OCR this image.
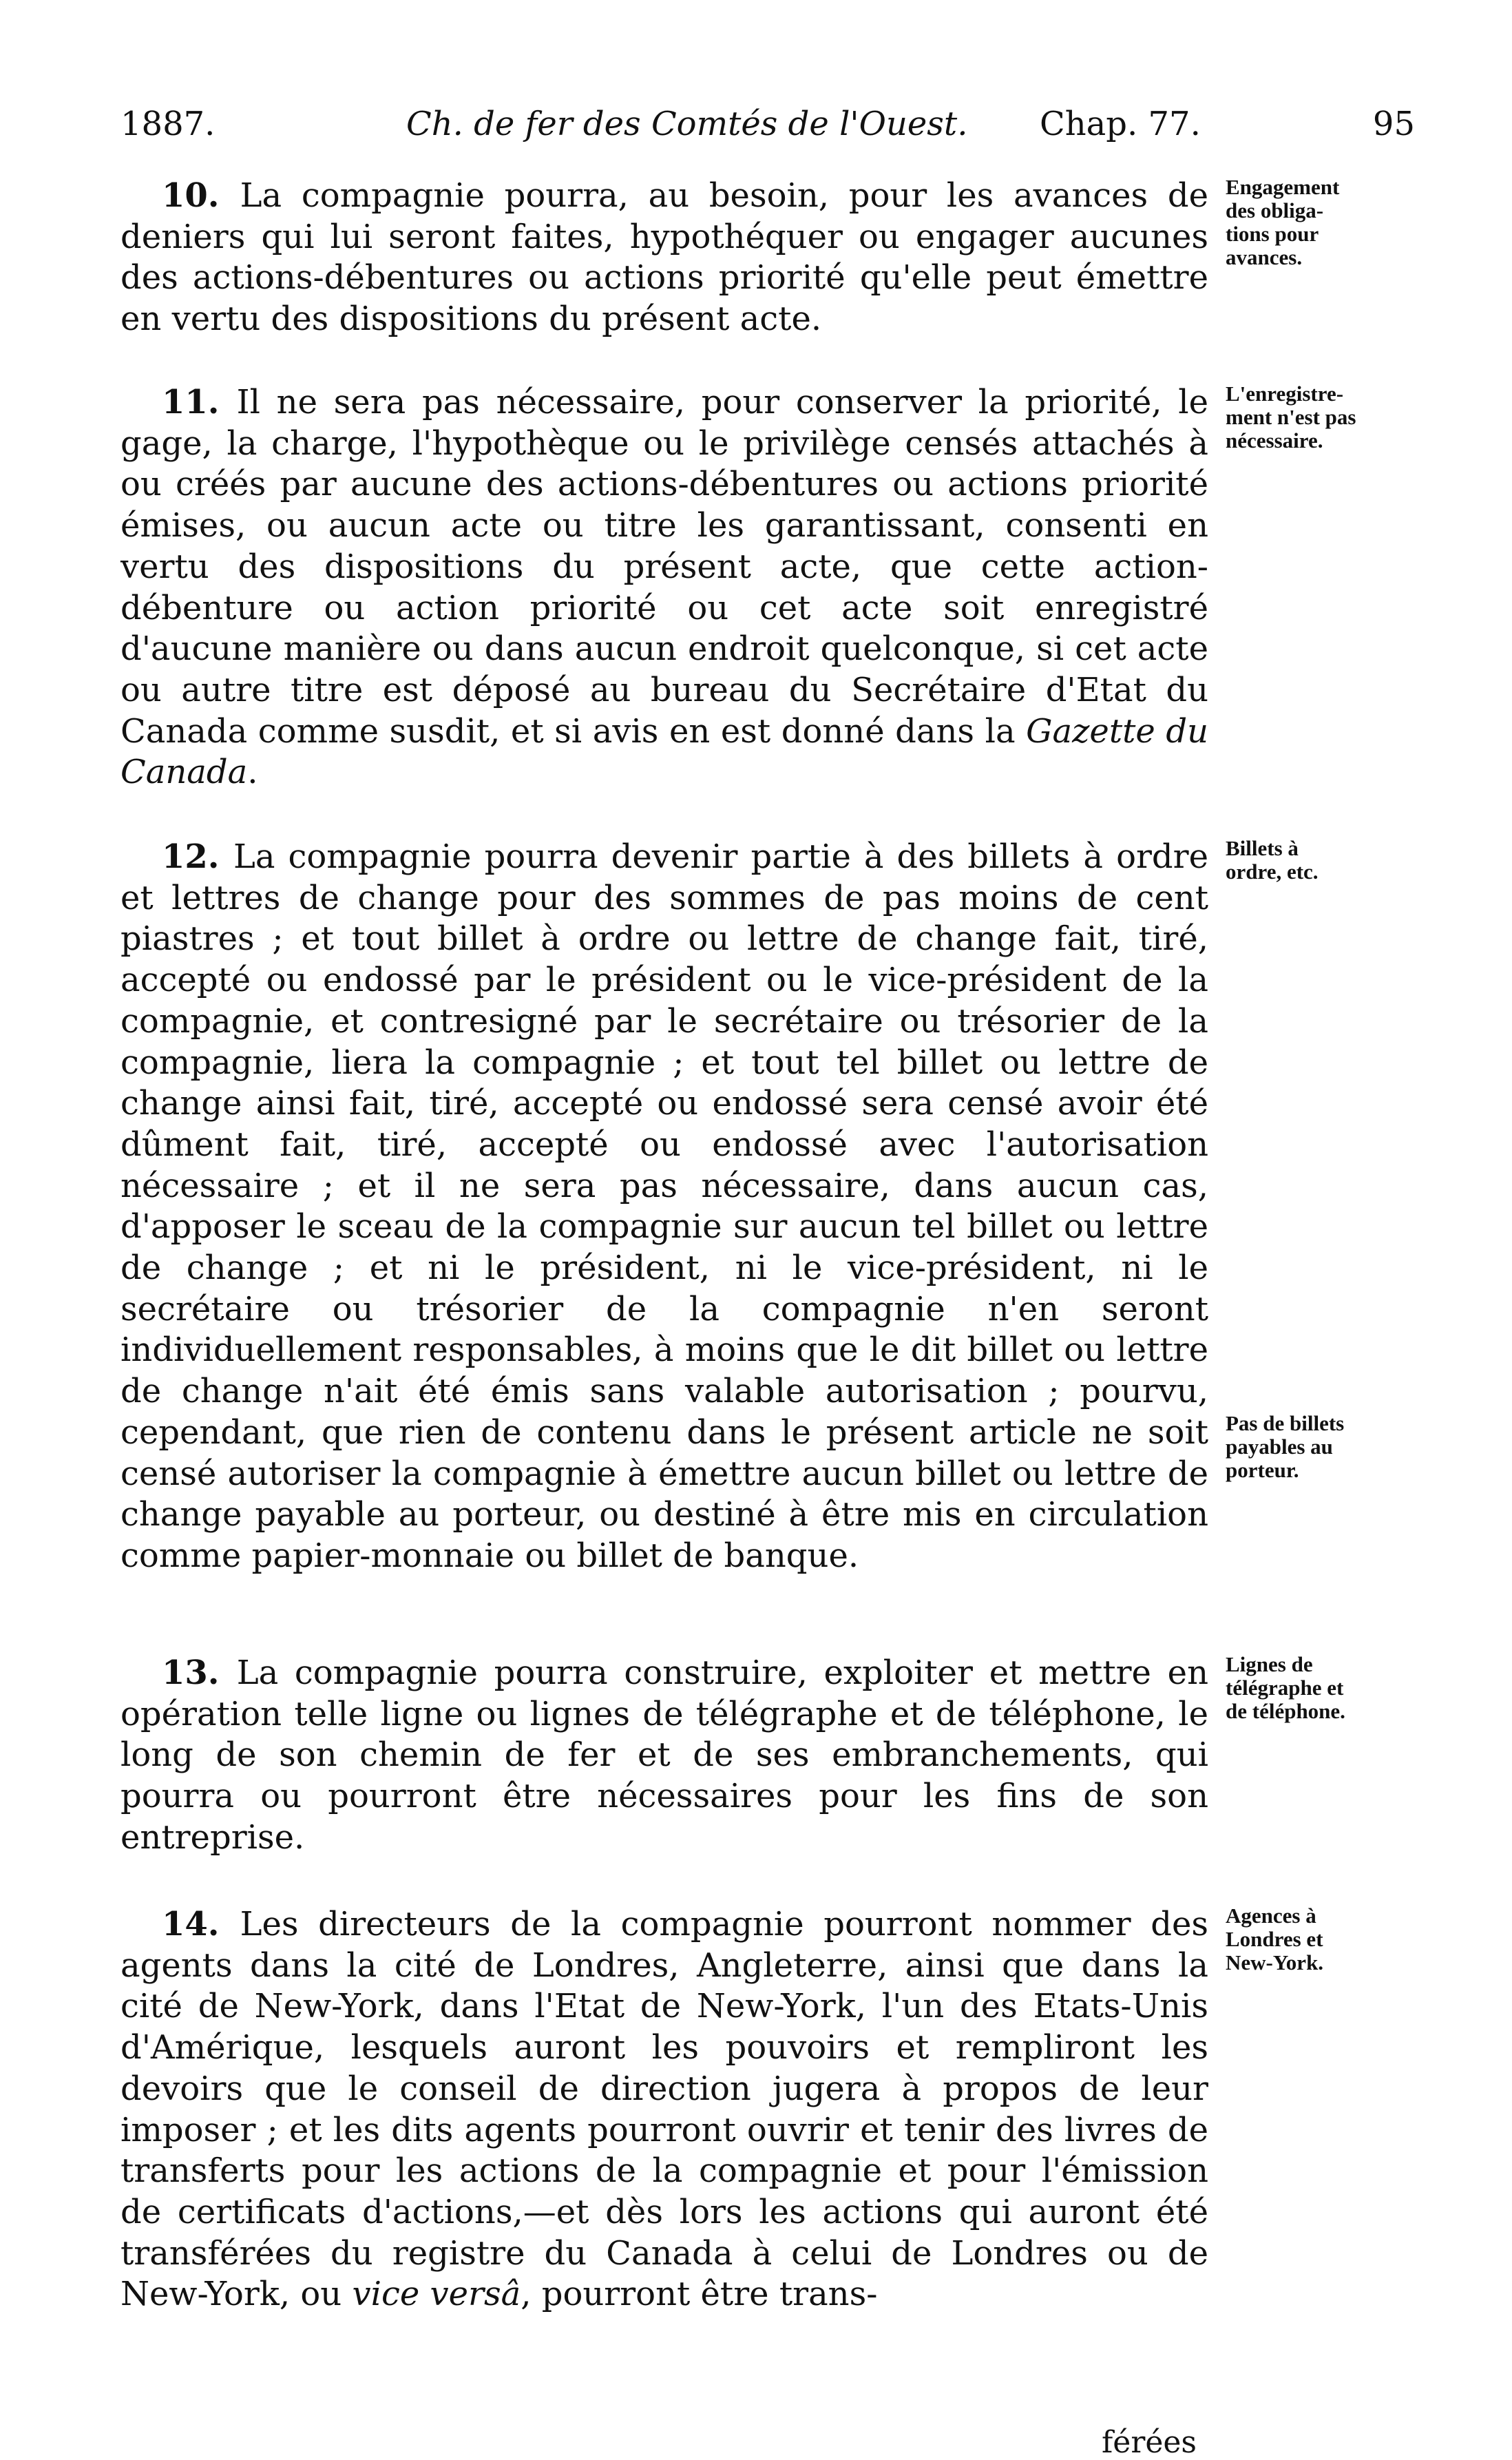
1887.	Ch. de fer des Comtés de l'Ouest. Chap. 77.	95
10. La compagnie pourra, au besoin, pour les avances de deniers qui lui seront faites, hypothéquer ou engager aucunes des actions-débentures ou actions priorité qu'elle peut émettre en vertu des dispositions du présent acte.
Engagement
des obliga-
tions pour
avances.
11. Il ne sera pas nécessaire, pour conserver la priorité, le gage, la charge, l'hypothèque ou le privilège censés attachés à ou créés par aucune des actions-débentures ou actions priorité émises, ou aucun acte ou titre les garantissant, consenti en vertu des dispositions du présent acte, que cette action-débenture ou action priorité ou cet acte soit enregistré d'aucune manière ou dans aucun endroit quelconque, si cet acte ou autre titre est déposé au bureau du Secrétaire d'Etat du Canada comme susdit, et si avis en est donné dans la Gazette du Canada.
L'enregistre-
ment n'est pas
nécessaire.
12. La compagnie pourra devenir partie à des billets à ordre et lettres de change pour des sommes de pas moins de cent piastres ; et tout billet à ordre ou lettre de change fait, tiré, accepté ou endossé par le président ou le vice-président de la compagnie, et contresigné par le secrétaire ou trésorier de la compagnie, liera la compagnie ; et tout tel billet ou lettre de change ainsi fait, tiré, accepté ou endossé sera censé avoir été dûment fait, tiré, accepté ou endossé avec l'autorisation nécessaire ; et il ne sera pas nécessaire, dans aucun cas, d'apposer le sceau de la compagnie sur aucun tel billet ou lettre de change ; et ni le président, ni le vice-président, ni le secrétaire ou trésorier de la compagnie n'en seront individuellement responsables, à moins que le dit billet ou lettre de change n'ait été émis sans valable autorisation ; pourvu, cependant, que rien de contenu dans le présent article ne soit censé autoriser la compagnie à émettre aucun billet ou lettre de change payable au porteur, ou destiné à être mis en circulation comme papier-monnaie ou billet de banque.
Billets à
ordre, etc.
Pas de billets
payables au
porteur.
13. La compagnie pourra construire, exploiter et mettre en opération telle ligne ou lignes de télégraphe et de téléphone, le long de son chemin de fer et de ses embranchements, qui pourra ou pourront être nécessaires pour les fins de son entreprise.
Lignes de
télégraphe et
de téléphone.
14. Les directeurs de la compagnie pourront nommer des agents dans la cité de Londres, Angleterre, ainsi que dans la cité de New-York, dans l'Etat de New-York, l'un des Etats-Unis d'Amérique, lesquels auront les pouvoirs et rempliront les devoirs que le conseil de direction jugera à propos de leur imposer ; et les dits agents pourront ouvrir et tenir des livres de transferts pour les actions de la compagnie et pour l'émission de certificats d'actions,—et dès lors les actions qui auront été transférées du registre du Canada à celui de Londres ou de New-York, ou vice versâ, pourront être trans-
Agences à
Londres et
New-York.
férées
